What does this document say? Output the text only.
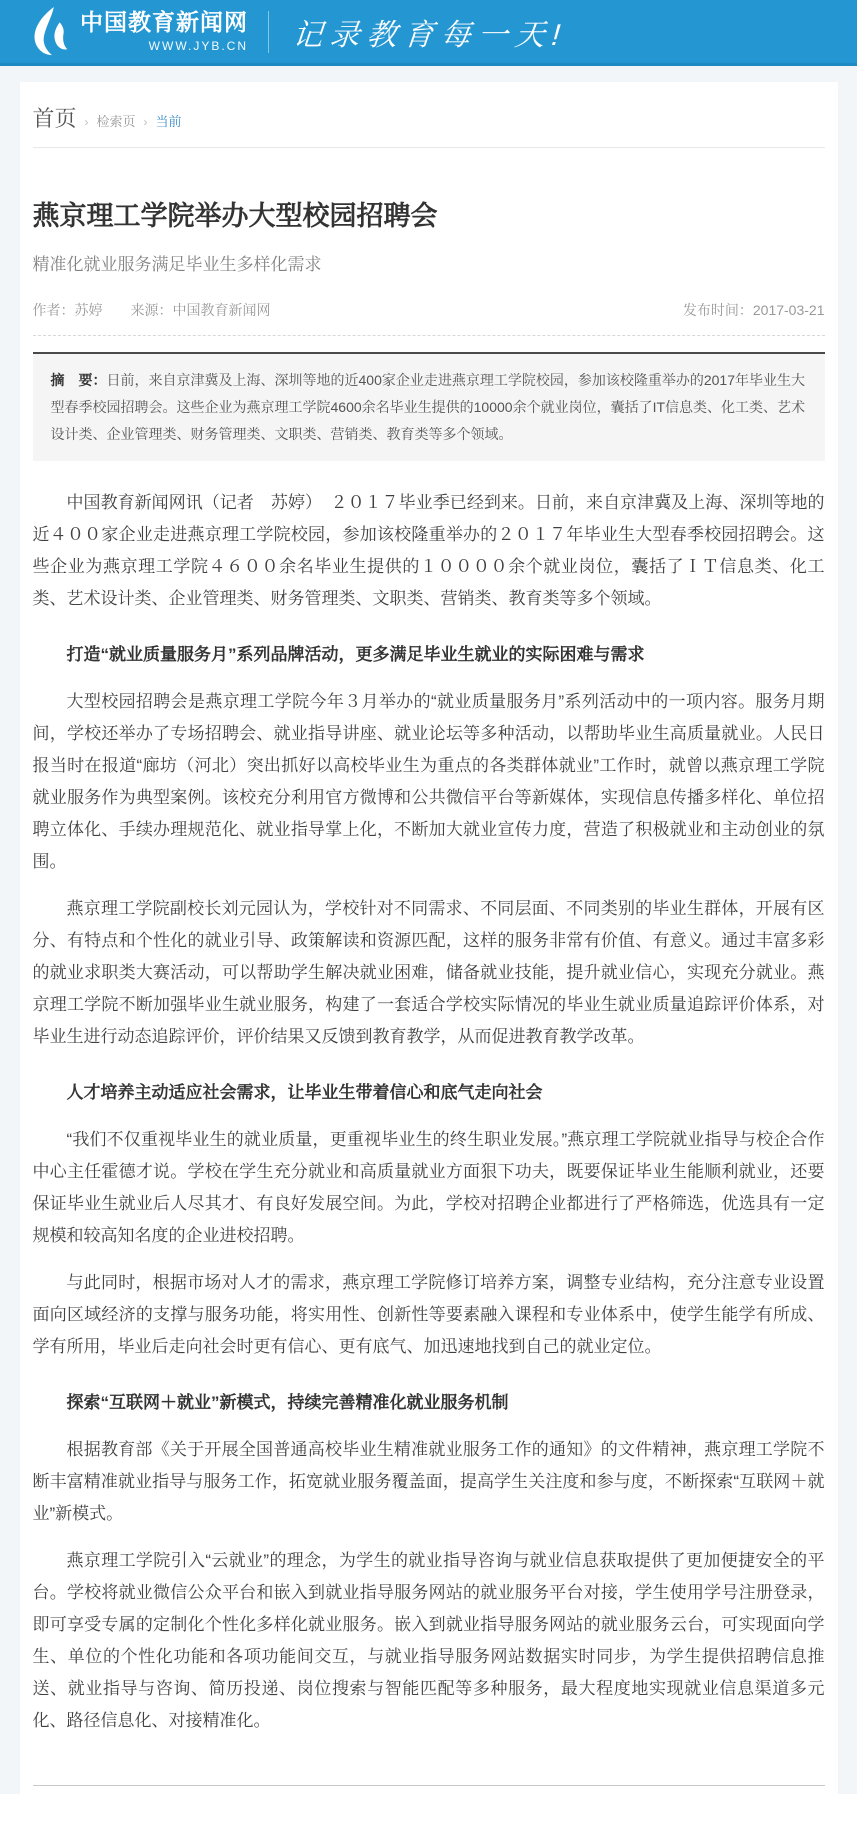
中国教育新闻网
WWW.JYB.CN 记录教育每一天!
首页 › 检索页 › 当前
燕京理工学院举办大型校园招聘会
精准化就业服务满足毕业生多样化需求
作者：苏婷 来源：中国教育新闻网	发布时间：2017-03-21
摘　要：日前，来自京津冀及上海、深圳等地的近400家企业走进燕京理工学院校园，参加该校隆重举办的2017年毕业生大型春季校园招聘会。这些企业为燕京理工学院4600余名毕业生提供的10000余个就业岗位，囊括了IT信息类、化工类、艺术设计类、企业管理类、财务管理类、文职类、营销类、教育类等多个领域。

中国教育新闻网讯（记者　苏婷）　２０１７毕业季已经到来。日前，来自京津冀及上海、深圳等地的近４００家企业走进燕京理工学院校园，参加该校隆重举办的２０１７年毕业生大型春季校园招聘会。这些企业为燕京理工学院４６００余名毕业生提供的１００００余个就业岗位，囊括了ＩＴ信息类、化工类、艺术设计类、企业管理类、财务管理类、文职类、营销类、教育类等多个领域。

打造“就业质量服务月”系列品牌活动，更多满足毕业生就业的实际困难与需求

大型校园招聘会是燕京理工学院今年３月举办的“就业质量服务月”系列活动中的一项内容。服务月期间，学校还举办了专场招聘会、就业指导讲座、就业论坛等多种活动，以帮助毕业生高质量就业。人民日报当时在报道“廊坊（河北）突出抓好以高校毕业生为重点的各类群体就业”工作时，就曾以燕京理工学院就业服务作为典型案例。该校充分利用官方微博和公共微信平台等新媒体，实现信息传播多样化、单位招聘立体化、手续办理规范化、就业指导掌上化，不断加大就业宣传力度，营造了积极就业和主动创业的氛围。

燕京理工学院副校长刘元园认为，学校针对不同需求、不同层面、不同类别的毕业生群体，开展有区分、有特点和个性化的就业引导、政策解读和资源匹配，这样的服务非常有价值、有意义。通过丰富多彩的就业求职类大赛活动，可以帮助学生解决就业困难，储备就业技能，提升就业信心，实现充分就业。燕京理工学院不断加强毕业生就业服务，构建了一套适合学校实际情况的毕业生就业质量追踪评价体系，对毕业生进行动态追踪评价，评价结果又反馈到教育教学，从而促进教育教学改革。

人才培养主动适应社会需求，让毕业生带着信心和底气走向社会

“我们不仅重视毕业生的就业质量，更重视毕业生的终生职业发展。”燕京理工学院就业指导与校企合作中心主任霍德才说。学校在学生充分就业和高质量就业方面狠下功夫，既要保证毕业生能顺利就业，还要保证毕业生就业后人尽其才、有良好发展空间。为此，学校对招聘企业都进行了严格筛选，优选具有一定规模和较高知名度的企业进校招聘。

与此同时，根据市场对人才的需求，燕京理工学院修订培养方案，调整专业结构，充分注意专业设置面向区域经济的支撑与服务功能，将实用性、创新性等要素融入课程和专业体系中，使学生能学有所成、学有所用，毕业后走向社会时更有信心、更有底气、加迅速地找到自己的就业定位。

探索“互联网＋就业”新模式，持续完善精准化就业服务机制

根据教育部《关于开展全国普通高校毕业生精准就业服务工作的通知》的文件精神，燕京理工学院不断丰富精准就业指导与服务工作，拓宽就业服务覆盖面，提高学生关注度和参与度，不断探索“互联网＋就业”新模式。

燕京理工学院引入“云就业”的理念，为学生的就业指导咨询与就业信息获取提供了更加便捷安全的平台。学校将就业微信公众平台和嵌入到就业指导服务网站的就业服务平台对接，学生使用学号注册登录，即可享受专属的定制化个性化多样化就业服务。嵌入到就业指导服务网站的就业服务云台，可实现面向学生、单位的个性化功能和各项功能间交互，与就业指导服务网站数据实时同步，为学生提供招聘信息推送、就业指导与咨询、简历投递、岗位搜索与智能匹配等多种服务，最大程度地实现就业信息渠道多元化、路径信息化、对接精准化。
